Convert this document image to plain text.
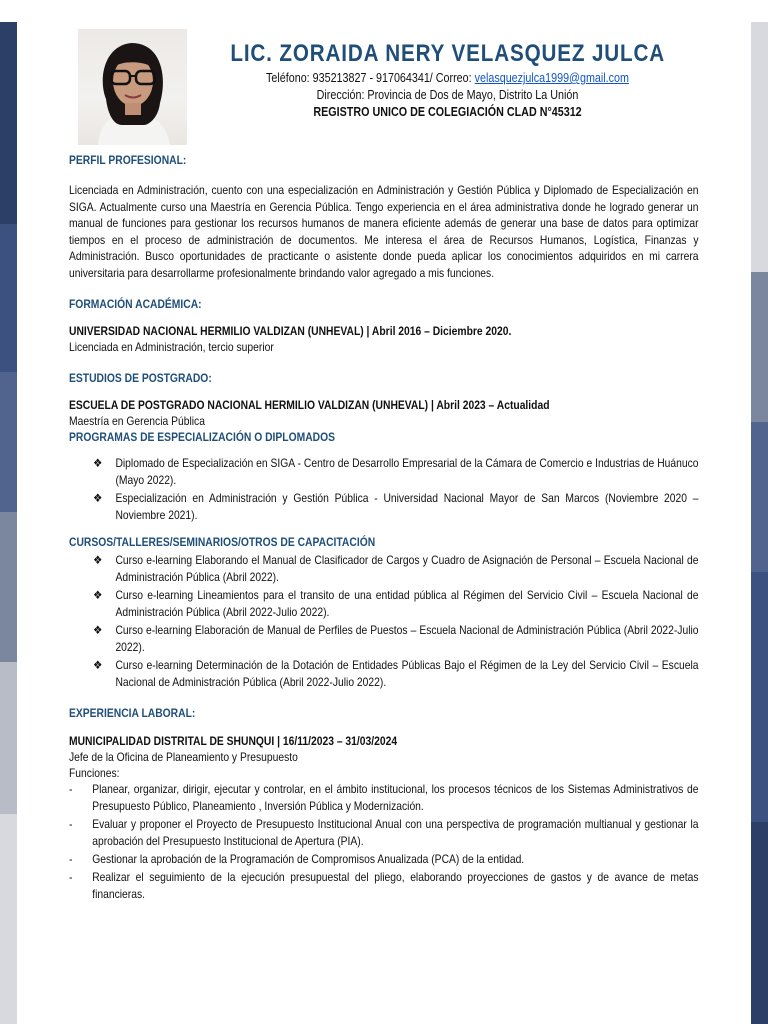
LIC. ZORAIDA NERY VELASQUEZ JULCA
Teléfono: 935213827 - 917064341/ Correo: velasquezjulca1999@gmail.com
Dirección: Provincia de Dos de Mayo, Distrito La Unión
REGISTRO UNICO DE COLEGIACIÓN CLAD N°45312
PERFIL PROFESIONAL:
Licenciada en Administración, cuento con una especialización en Administración y Gestión Pública y Diplomado de Especialización en SIGA. Actualmente curso una Maestría en Gerencia Pública. Tengo experiencia en el área administrativa donde he logrado generar un manual de funciones para gestionar los recursos humanos de manera eficiente además de generar una base de datos para optimizar tiempos en el proceso de administración de documentos. Me interesa el área de Recursos Humanos, Logística, Finanzas y Administración. Busco oportunidades de practicante o asistente donde pueda aplicar los conocimientos adquiridos en mi carrera universitaria para desarrollarme profesionalmente brindando valor agregado a mis funciones.
FORMACIÓN ACADÉMICA:
UNIVERSIDAD NACIONAL HERMILIO VALDIZAN (UNHEVAL) | Abril 2016 – Diciembre 2020.
Licenciada en Administración, tercio superior
ESTUDIOS DE POSTGRADO:
ESCUELA DE POSTGRADO NACIONAL HERMILIO VALDIZAN (UNHEVAL) | Abril 2023 – Actualidad
Maestría en Gerencia Pública
PROGRAMAS DE ESPECIALIZACIÓN O DIPLOMADOS
❖ Diplomado de Especialización en SIGA - Centro de Desarrollo Empresarial de la Cámara de Comercio e Industrias de Huánuco (Mayo 2022).
❖ Especialización en Administración y Gestión Pública - Universidad Nacional Mayor de San Marcos (Noviembre 2020 – Noviembre 2021).
CURSOS/TALLERES/SEMINARIOS/OTROS DE CAPACITACIÓN
❖ Curso e-learning Elaborando el Manual de Clasificador de Cargos y Cuadro de Asignación de Personal – Escuela Nacional de Administración Pública (Abril 2022).
❖ Curso e-learning Lineamientos para el transito de una entidad pública al Régimen del Servicio Civil – Escuela Nacional de Administración Pública (Abril 2022-Julio 2022).
❖ Curso e-learning Elaboración de Manual de Perfiles de Puestos – Escuela Nacional de Administración Pública (Abril 2022-Julio 2022).
❖ Curso e-learning Determinación de la Dotación de Entidades Públicas Bajo el Régimen de la Ley del Servicio Civil – Escuela Nacional de Administración Pública (Abril 2022-Julio 2022).
EXPERIENCIA LABORAL:
MUNICIPALIDAD DISTRITAL DE SHUNQUI | 16/11/2023 – 31/03/2024
Jefe de la Oficina de Planeamiento y Presupuesto
Funciones:
- Planear, organizar, dirigir, ejecutar y controlar, en el ámbito institucional, los procesos técnicos de los Sistemas Administrativos de Presupuesto Público, Planeamiento , Inversión Pública y Modernización.
- Evaluar y proponer el Proyecto de Presupuesto Institucional Anual con una perspectiva de programación multianual y gestionar la aprobación del Presupuesto Institucional de Apertura (PIA).
- Gestionar la aprobación de la Programación de Compromisos Anualizada (PCA) de la entidad.
- Realizar el seguimiento de la ejecución presupuestal del pliego, elaborando proyecciones de gastos y de avance de metas financieras.
